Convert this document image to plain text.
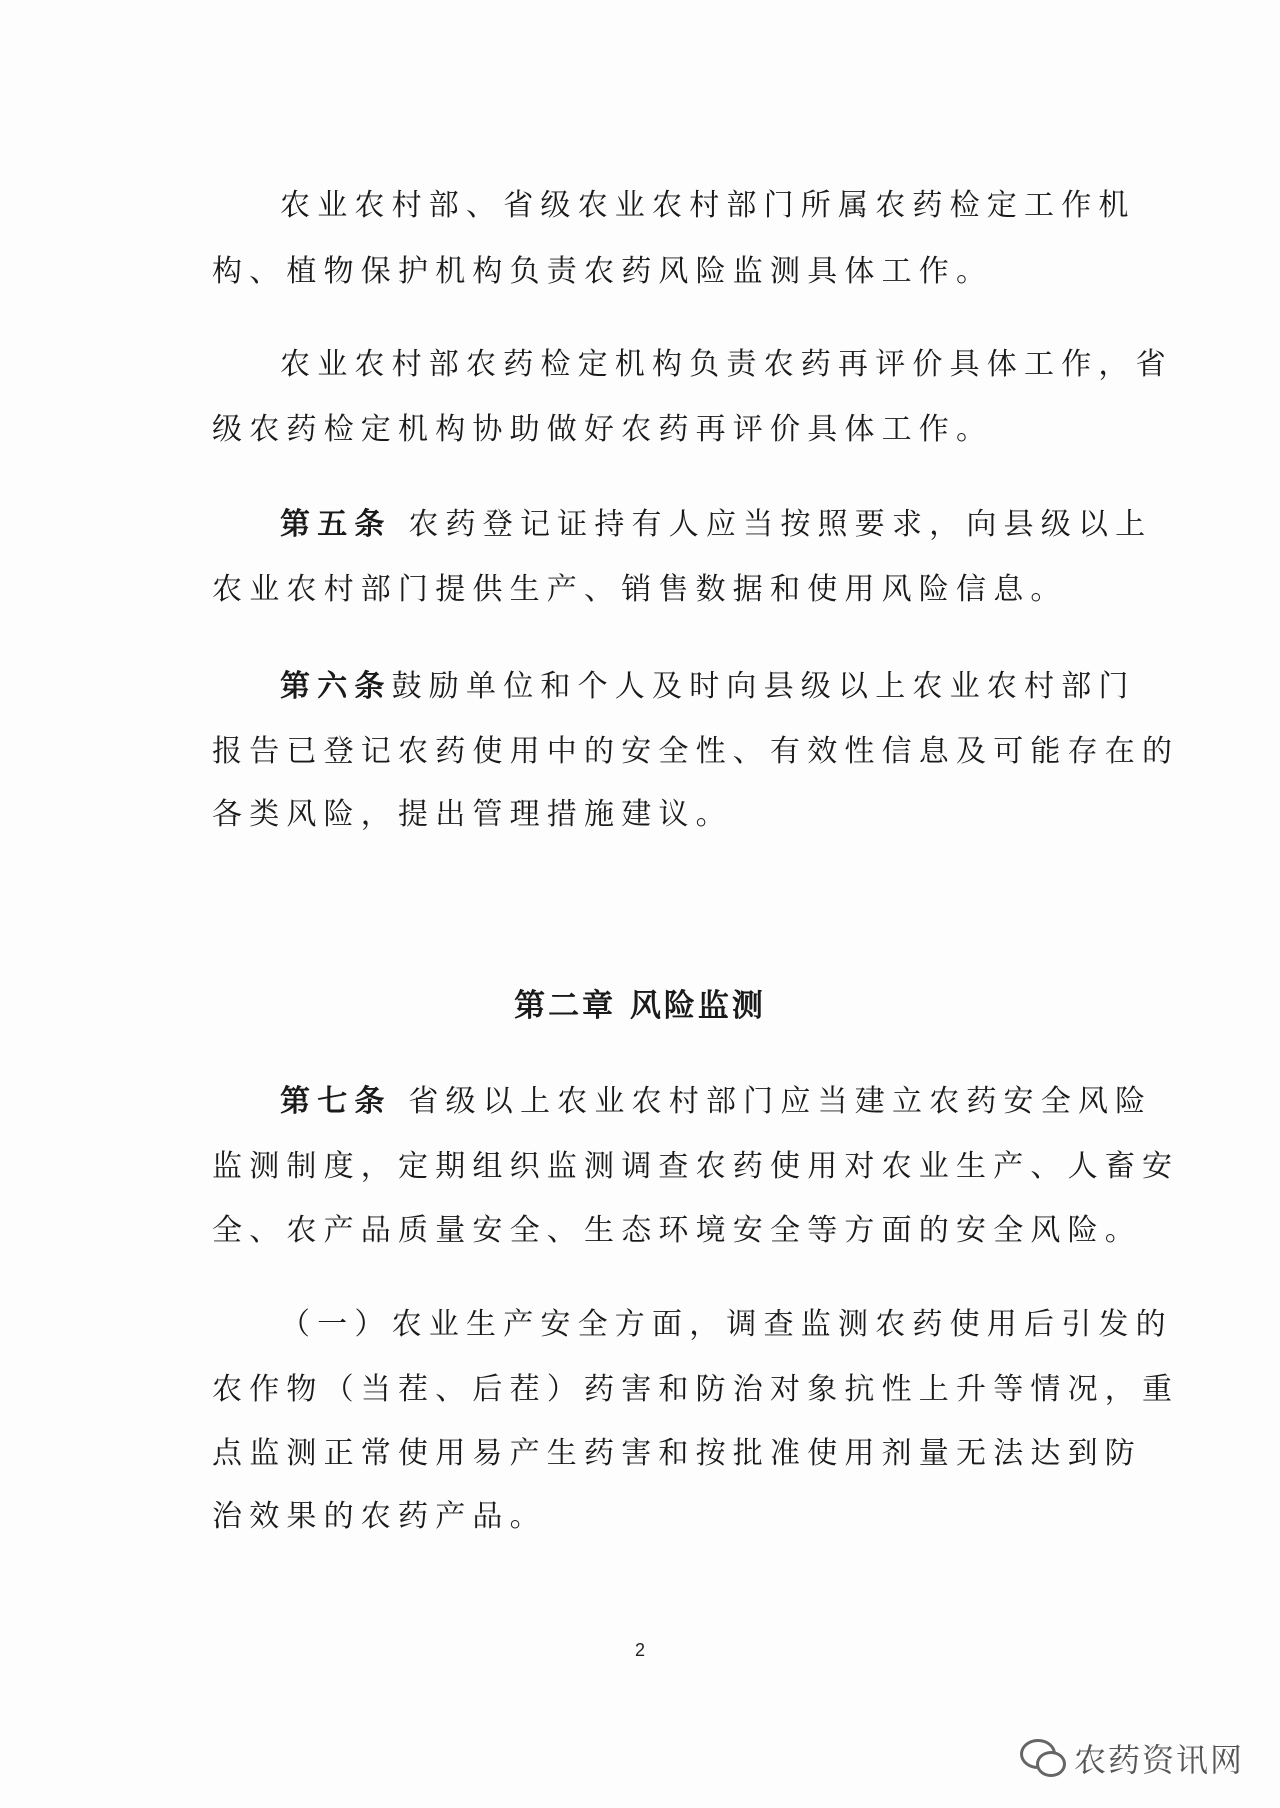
农业农村部、省级农业农村部门所属农药检定工作机
构、植物保护机构负责农药风险监测具体工作。
农业农村部农药检定机构负责农药再评价具体工作，省
级农药检定机构协助做好农药再评价具体工作。
第五条 农药登记证持有人应当按照要求，向县级以上
农业农村部门提供生产、销售数据和使用风险信息。
第六条鼓励单位和个人及时向县级以上农业农村部门
报告已登记农药使用中的安全性、有效性信息及可能存在的
各类风险，提出管理措施建议。
第二章 风险监测
第七条 省级以上农业农村部门应当建立农药安全风险
监测制度，定期组织监测调查农药使用对农业生产、人畜安
全、农产品质量安全、生态环境安全等方面的安全风险。
（一）农业生产安全方面，调查监测农药使用后引发的
农作物（当茬、后茬）药害和防治对象抗性上升等情况，重
点监测正常使用易产生药害和按批准使用剂量无法达到防
治效果的农药产品。
2
农药资讯网
